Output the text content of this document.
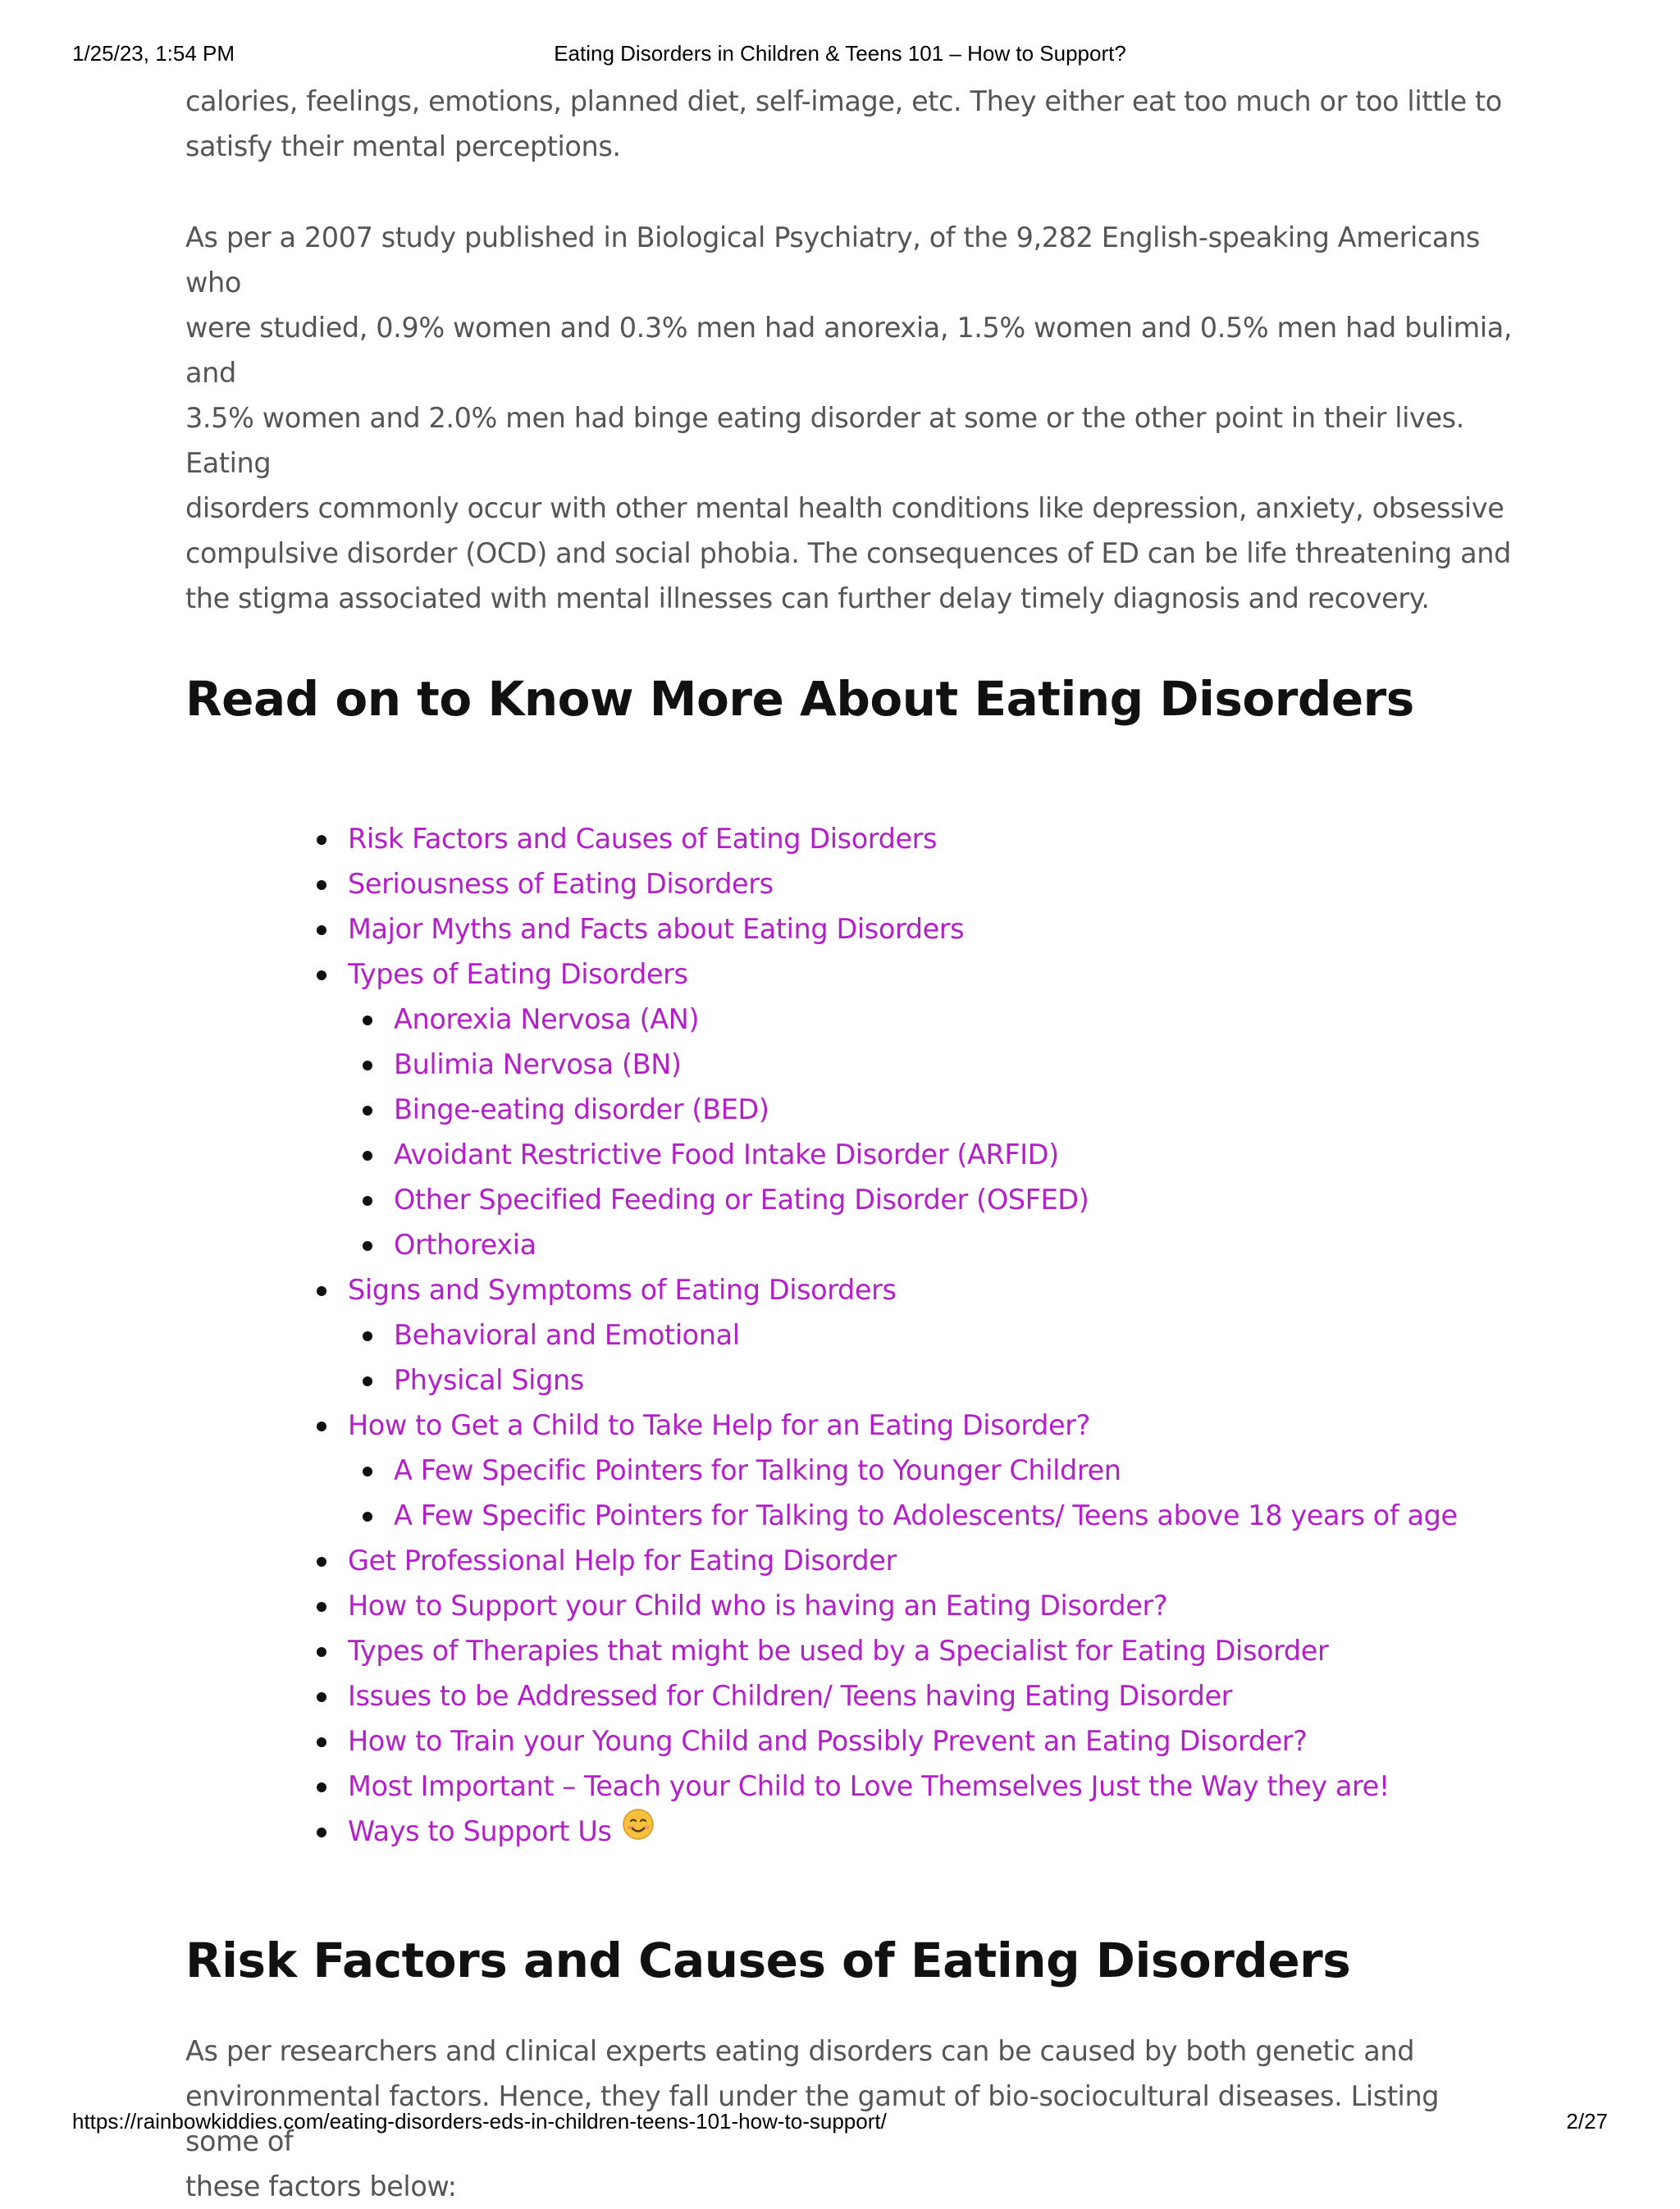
1/25/23, 1:54 PM	Eating Disorders in Children & Teens 101 – How to Support?

calories, feelings, emotions, planned diet, self-image, etc. They either eat too much or too little to
satisfy their mental perceptions.

As per a 2007 study published in Biological Psychiatry, of the 9,282 English-speaking Americans who
were studied, 0.9% women and 0.3% men had anorexia, 1.5% women and 0.5% men had bulimia, and
3.5% women and 2.0% men had binge eating disorder at some or the other point in their lives. Eating
disorders commonly occur with other mental health conditions like depression, anxiety, obsessive
compulsive disorder (OCD) and social phobia. The consequences of ED can be life threatening and
the stigma associated with mental illnesses can further delay timely diagnosis and recovery.

Read on to Know More About Eating Disorders
Risk Factors and Causes of Eating Disorders
Seriousness of Eating Disorders
Major Myths and Facts about Eating Disorders
Types of Eating Disorders
Anorexia Nervosa (AN)
Bulimia Nervosa (BN)
Binge-eating disorder (BED)
Avoidant Restrictive Food Intake Disorder (ARFID)
Other Specified Feeding or Eating Disorder (OSFED)
Orthorexia
Signs and Symptoms of Eating Disorders
Behavioral and Emotional
Physical Signs
How to Get a Child to Take Help for an Eating Disorder?
A Few Specific Pointers for Talking to Younger Children
A Few Specific Pointers for Talking to Adolescents/ Teens above 18 years of age
Get Professional Help for Eating Disorder
How to Support your Child who is having an Eating Disorder?
Types of Therapies that might be used by a Specialist for Eating Disorder
Issues to be Addressed for Children/ Teens having Eating Disorder
How to Train your Young Child and Possibly Prevent an Eating Disorder?
Most Important – Teach your Child to Love Themselves Just the Way they are!
Ways to Support Us
Risk Factors and Causes of Eating Disorders

As per researchers and clinical experts eating disorders can be caused by both genetic and
environmental factors. Hence, they fall under the gamut of bio-sociocultural diseases. Listing some of
these factors below:

https://rainbowkiddies.com/eating-disorders-eds-in-children-teens-101-how-to-support/	2/27
